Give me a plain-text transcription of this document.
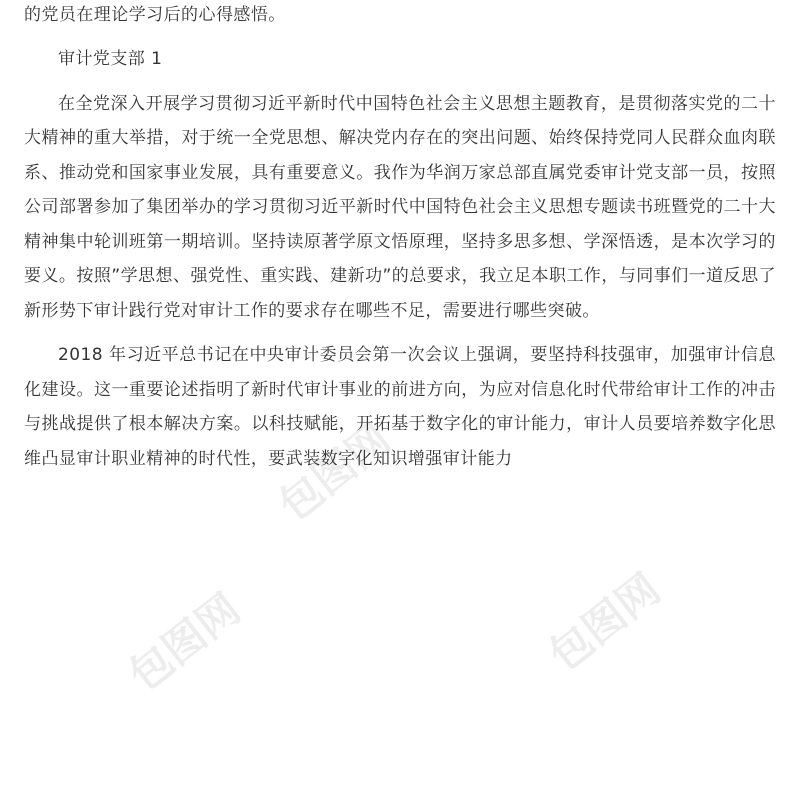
包图网
包图网
包图网

的党员在理论学习后的心得感悟。

审计党支部 1

在全党深入开展学习贯彻习近平新时代中国特色社会主义思想主题教育，是贯彻落实党的二十大精神的重大举措，对于统一全党思想、解决党内存在的突出问题、始终保持党同人民群众血肉联系、推动党和国家事业发展，具有重要意义。我作为华润万家总部直属党委审计党支部一员，按照公司部署参加了集团举办的学习贯彻习近平新时代中国特色社会主义思想专题读书班暨党的二十大精神集中轮训班第一期培训。坚持读原著学原文悟原理，坚持多思多想、学深悟透，是本次学习的要义。按照”学思想、强党性、重实践、建新功”的总要求，我立足本职工作，与同事们一道反思了新形势下审计践行党对审计工作的要求存在哪些不足，需要进行哪些突破。

2018 年习近平总书记在中央审计委员会第一次会议上强调，要坚持科技强审，加强审计信息化建设。这一重要论述指明了新时代审计事业的前进方向，为应对信息化时代带给审计工作的冲击与挑战提供了根本解决方案。以科技赋能，开拓基于数字化的审计能力，审计人员要培养数字化思维凸显审计职业精神的时代性，要武装数字化知识增强审计能力
